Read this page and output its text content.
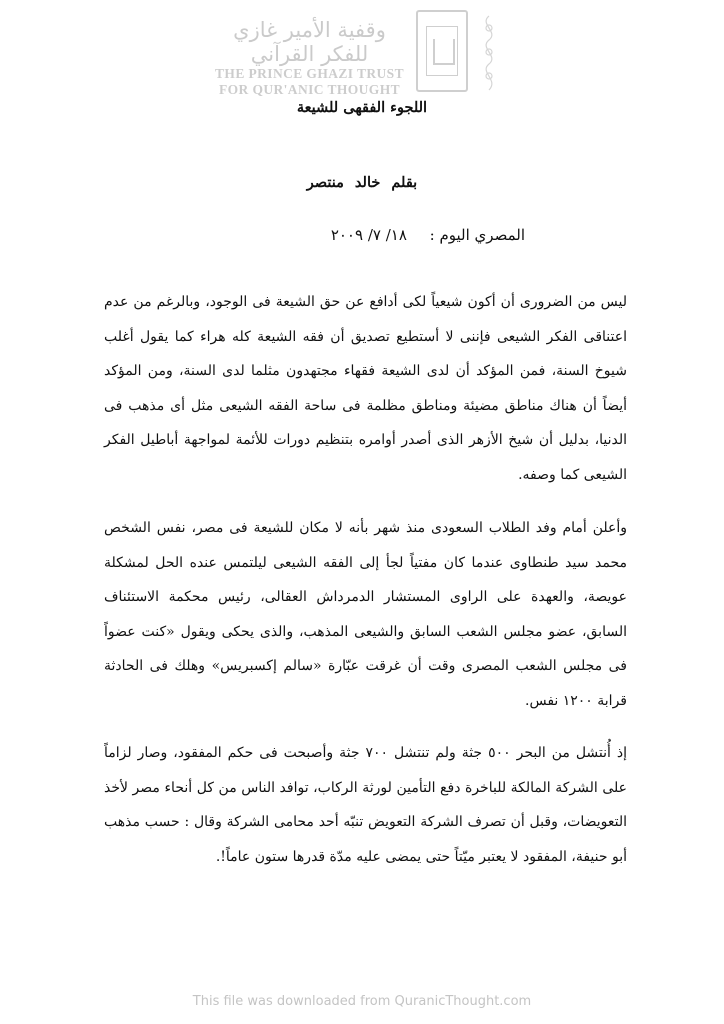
وقفية الأمير غازي للفكر القرآني
THE PRINCE GHAZI TRUST
FOR QUR'ANIC THOUGHT
اللجوء الفقهى للشيعة
بقلم خالد منتصر
المصري اليوم : ١٨/ ٧/ ٢٠٠٩

ليس من الضرورى أن أكون شيعياً لكى أدافع عن حق الشيعة فى الوجود، وبالرغم من عدم اعتناقى الفكر الشيعى فإننى لا أستطيع تصديق أن فقه الشيعة كله هراء كما يقول أغلب شيوخ السنة، فمن المؤكد أن لدى الشيعة فقهاء مجتهدون مثلما لدى السنة، ومن المؤكد أيضاً أن هناك مناطق مضيئة ومناطق مظلمة فى ساحة الفقه الشيعى مثل أى مذهب فى الدنيا، بدليل أن شيخ الأزهر الذى أصدر أوامره بتنظيم دورات للأئمة لمواجهة أباطيل الفكر الشيعى كما وصفه.

وأعلن أمام وفد الطلاب السعودى منذ شهر بأنه لا مكان للشيعة فى مصر، نفس الشخص محمد سيد طنطاوى عندما كان مفتياً لجأ إلى الفقه الشيعى ليلتمس عنده الحل لمشكلة عويصة، والعهدة على الراوى المستشار الدمرداش العقالى، رئيس محكمة الاستئناف السابق، عضو مجلس الشعب السابق والشيعى المذهب، والذى يحكى ويقول «كنت عضواً فى مجلس الشعب المصرى وقت أن غرقت عبّارة «سالم إكسبريس» وهلك فى الحادثة قرابة ١٢٠٠ نفس.

إذ أُنتشل من البحر ٥٠٠ جثة ولم تنتشل ٧٠٠ جثة وأصبحت فى حكم المفقود، وصار لزاماً على الشركة المالكة للباخرة دفع التأمين لورثة الركاب، توافد الناس من كل أنحاء مصر لأخذ التعويضات، وقبل أن تصرف الشركة التعويض تنبّه أحد محامى الشركة وقال : حسب مذهب أبو حنيفة، المفقود لا يعتبر ميّتاً حتى يمضى عليه مدّة قدرها ستون عاماً!.

This file was downloaded from QuranicThought.com
